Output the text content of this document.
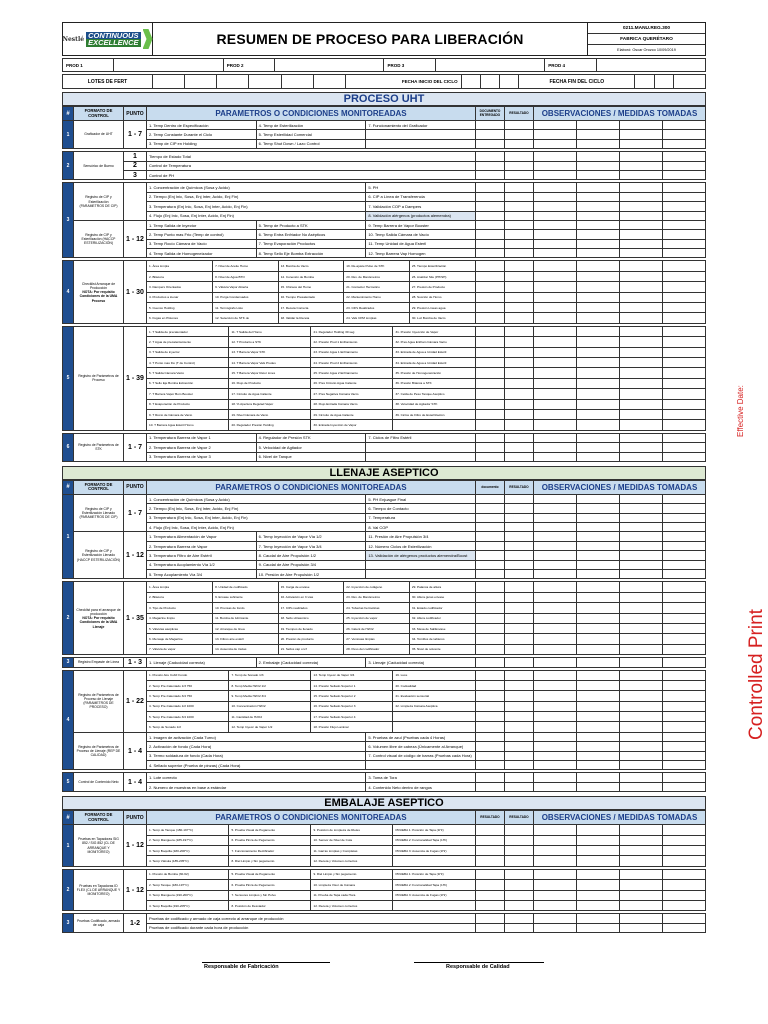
Nestlé CONTINUOUS
EXCELLENCE	RESUMEN DE PROCESO PARA LIBERACIÓN
0211.MANU.REG.300
FABRICA QUERÉTARO
Elaboró: Oscar Orozco 10/09/2019
PROD 1		PROD 2		PROD 3		PROD 4	
LOTES DE FERT							FECHA INICIO DEL CICLO				FECHA FIN DEL CICLO			
PROCESO UHT
#	FORMATO DE CONTROL	PUNTO	PARAMETROS O CONDICIONES MONITOREADAS	DOCUMENTO ENTREGADO	RESULTADO	OBSERVACIONES / MEDIDAS TOMADAS
1	Graficador de UHT	1 - 7	1. Temp Dentro de Especificación	4. Temp de Esterilización	7. Funcionamiento del Graficador						
2. Temp Constante Durante el Ciclo	5. Temp Esterilidad Comercial							
3. Temp de CIP en Holding	6. Temp Shut Down / Lazo Control							

2	Sensórico de Bueno	1	Tiempo de Estado Total						
2	Control de Temperatura						
3	Control de PH						

3	Registro de CIP y Esterilización (PARAMETROS DE CIP)		1. Concentración de Químicos (Sosa y Acido)	5. PH						
2. Tiempo (Enj Inic, Sosa, Enj Inter, Acido, Enj Fin)	6. CIP a Línea de Transferencia						
3. Temperatura (Enj Inic, Sosa, Enj Inter, Acido, Enj Fin)	7. Validación COP a Dampers						
4. Flujo (Enj Inic, Sosa, Enj Inter, Acido, Enj Fin)	8. Validación alérgenos (productos alemendra)						
Registro de CIP y Esterilización (HACCP ESTERILIZACIÓN)	1 - 12	1. Temp Salida de Inyector	5. Temp de Producto a STK	9. Temp Barrera de Vapor Booster						
2. Temp Punto mas Frio (Temp de control)	6. Temp Entra Enfriador No Asépticos	10. Temp Salida Cámara de Vacío						
3. Temp Rocío Cámara de Vacío	7. Temp Evaporación Productos	11. Temp Unidad de Agua Esteril						
4. Temp Salida de Homogeneizador	8. Temp Sello Eje Bomba Extracción	12. Temp Barrera Vap Homogen						

4	Checklist Arranque de Producción
NOTA: Por requisito Condiciones de la UMA Proceso	1 - 30	
1. Área Limpia	7. Nivel de Aceite Homo	13. Bomba de Vacío	19. Re-ajuste Pulso de STK	25. Tiempo Esterilización

2. Bitácora	8. Nivel de Agua BTO	14. Conexión de Bomba	20. Rev. de Manómetros	26. Analizar Sile (PH/SH)

3. Dampers Orientados	9. Válvula Vapor Abierta	15. Chicaos del Homo	21. Contactor Hermético	27. Presión de Producto

4. Productos a Llenar	10. Purga Condensados	16. Tiempo Presalentado	22. Mantenimiento Homo	28. Succión de Homo

5. Cuenco Holding	11. Termógrafo Listo	17. Receta Correcta	23. CIPs Realizados	29. Presión Líneas agua

6. Fugas en Pistones	12. Selección de STK ok	18. Validar la Receta	24. Vals CPM Limpias	30. Luz Bomba de Vacío

5	Registro de Parámetros de Proceso	1 - 39	
1. T Salida de precalentador	11. T Salida del Homo	21. Regulador Holding 30 seg	31. Presión Inyección de Vapor

2. T Agua de precalentamiento	12. T Producto a STK	22. Presión Prod 1 Enfriamiento	32. Pres Agua Enfriam Cámara Vacío

3. T Salida de inyector	13. T Barrera Vapor STK	23. Presión Agua 1 Enfriamiento	33. Entrada de Agua a Unidad Estéril

4. T Punto mas frio (T de Control)	14. T Barrera Vapor Vals Prodes	24. Presión Prod 2 Enfriamiento	34. Entrada de Agua a Unidad Estéril

5. T Salida Cámara Vacío	15. T Barrera Vapor Retor Lines	25. Presión Agua 2 Enfriamiento	35. Presión de Homogeneización

6. T Sello Eje Bomba Extracción	16. Flujo de Producto	26. Pres Circuito Agua Caliente	36. Presión Bitanca a STK

7. T Barrera Vapor Bom Booster	17. Circuito de Agua Caliente	27. Pres Negativa Cámara Vacío	37. Celda de Peso Tanque Aséptico

8. T Evaporación de Producto	18. % Apertura Regulad Vapor	28. Flujo Entrada Cámara Vacío	38. Velocidad de Agitador STK

9. T Rocío de Cámara de Vacío	19. Nivel Cámara de Vacío	29. Circuito de Agua Caliente	39. Ciclos de Filtro de Esterilización

10. T Barrera Agua Estéril Homo	20. Regulador Presión Holding	30. Entrada Inyección de Vapor	

6	Registro de Parámetros de STK	1 - 7	1. Temperatura Barrera de Vapor 1	4. Regulador de Presión STK	7. Ciclos de Filtro Estéril						
2. Temperatura Barrera de Vapor 2	5. Velocidad de Agitador							
3. Temperatura Barrera de Vapor 3	6. Nivel de Tanque							
LLENAJE ASEPTICO
#	FORMATO DE CONTROL	PUNTO	PARAMETROS O CONDICIONES MONITOREADAS	documento	RESULTADO	OBSERVACIONES / MEDIDAS TOMADAS
1	Registro de CIP y Esterilización Llenado (PARAMETROS DE CIP)	1 - 7	1. Concentración de Químicos (Sosa y Acido)	5. PH Enjuague Final						
2. Tiempo (Enj Inic, Sosa, Enj Inter, Acido, Enj Fin)	6. Tiempo de Contacto						
3. Temperatura (Enj Inic, Sosa, Enj Inter, Acido, Enj Fin)	7. Temperatura						
4. Flujo (Enj Inic, Sosa, Enj Inter, Acido, Enj Fin)	8. Val COP						
Registro de CIP y Esterilización Llenado (HACCP ESTERILIZACIÓN)	1 - 12	1. Temperatura Alimentación de Vapor	6. Temp Inyección de Vapor Vía 1/2	11. Presión de Aire Propulsión 3/4						
2. Temperatura Barrera de Vapor	7. Temp Inyección de Vapor Vía 3/4	12. Número Ciclos de Esterilización						
3. Temperatura Filtro de Aire Estéril	8. Caudal de Aire Propulsión 1/2	13. Validación de alérgenos productos alemendra/Boost						
4. Temperatura Acoplamiento Vía 1/2	9. Caudal de Aire Propulsión 3/4							
5. Temp Acoplamiento Vía 3/4	10. Presión de Aire Propulsión 1/2							

2	Checklist para el arranque de producción
NOTA: Por requisito Condiciones de la UMA Llenaje	1 - 35	
1. Área Limpia	8. Unidad de codificado	15. Carga de envase	22. Inyección de colágeno	29. Palanca de altura

2. Bitácora	9. Envase suficiente	16. Activación en 3 vías	23. Rev. de Manómetros	30. Altura guías envase

3. Tipo de Producto	10. Prensas de fondo	17. CIPs realizados	24. Tuberías herméticas	31. Estado codificador

4. Magazine limpio	11. Bomba de lubricante	18. Sello ultrasónico	25. Inyección de vapor	32. Altura codificador

5. Válvulas asépticas	12. Arranque de línea	19. Tiempos de llenado	26. Calent de H2O2	33. Mesa de Sal/Envase

6. Mensaje de Magazine	13. Filtros aire estéril	20. Presión de producto	27. Ventosas limpias	34. Tornillos de tableros

7. Válvula de vapor	14. Ausencia de trazas	21. Sellos cap o tcf	28. Peso del codificador	35. Nivel de solvente

3	Registro Empaste de Línea	1 - 3	1. Llenaje (Caducidad correcta)	2. Embalaje (Caducidad correcta)	3. Llenaje (Caducidad correcta)						

4	Registro de Parámetros de Proceso de Llenaje (PARAMETROS DE PROCESO)	1 - 22	
1. Presión Aire CubF Fondo	7. Temp de Sonado 1/3	13. Temp Inyecc de Vapor 3/4	19. Luce

2. Temp Pre-Calentado 1/3 750	8. Temp Media H2O2 1/2	14. Presión Sellado Superior 1	20. Codualidad

3. Temp Pre-Calentado 3/4 750	9. Temp Media H2O2 3/4	15. Presión Sellado Superior 2	21. Evaluación sensorial

4. Temp Pre-Calentado 1/2 1000	10. Concentración H2O2	16. Presión Sellado Superior 3	22. Limpieza Cámara Aséptica

5. Temp Pre-Calentado 3/4 1000	11. Cantidad de H2O2	17. Presión Sellado Superior 4	

6. Temp de Sonado 1/2	12. Temp Inyecc de Vapor 1/2	18. Presión Flujo Laminar	

Registro de Parámetros de Proceso de Llenaje (REP DE CALIDAD)	1 - 4	1. Imagen de activación (Cada Turno)	5. Pruebas de azul (Pruebas cada 4 Horas)						
2. Activación de fondo (Cada Hora)	6. Volumen libre de cabeza (Únicamente al Arranque)						
3. Termo soldadura de fondo (Cada Hora)	7. Control visual de código de barras (Pruebas cada Hora)						
4. Sellado superior (Prueba de pinzas) (Cada Hora)							

5	Control de Contenido Neto	1 - 4	1. Lote correcto	3. Toma de Tora						
2. Numero de muestras en base a estándar	4. Contenido Neto dentro de rangos						
EMBALAJE ASEPTICO
#	FORMATO DE CONTROL	PUNTO	PARAMETROS O CONDICIONES MONITOREADAS	RESULTADO	RESULTADO	OBSERVACIONES / MEDIDAS TOMADAS
1	Pruebas en Tapadoras SIG 852 / SIG 852 (CL DE ARRANQUE Y MONITOREO)	1 - 12	
1. Temp de Tanque (180-197°C)	5. Prueba Visual de Pegamento	9. Posición de Limpieza de Rieles	PRUEBA 1: Posición de Tapa (1Hr)

2. Temp Manguera (185-197°C)	6. Prueba Pinza de Pegamento	10. Sensor de Nivel de Cola	PRUEBA 2: Funcionalidad Tapa (1Hr)

3. Temp Boquilla (180-200°C)	7. Funcionamiento Rectificador	11. Garras Limpias y Completas	PRUEBA 3: Ausencia de Fugas (1Hr)

4. Temp Válvula (185-205°C)	8. Riel Limpio y Sin pegamento	12. Receta y Volumen correctos	

2	Pruebas en Tapadoras ID FLEX (CL DE ARRANQUE Y MONITOREO)	1 - 12	
1. Presión de Bomba (30-62)	5. Prueba Visual de Pegamento	9. Riel Limpio y Sin pegamento	PRUEBA 1: Posición de Tapa (1Hr)

2. Temp Tanque (180-197°C)	6. Prueba Pinza de Pegamento	10. Limpieza Visor de Cámara	PRUEBA 2: Funcionalidad Tapa (1Hr)

3. Temp Manguera (190-200°C)	7. Sensores Limpios y Sin Polvo	11. Prueba de Tapa cada Hora	PRUEBA 3: Ausencia de Fugas (1Hr)

4. Temp Boquilla (190-205°C)	8. Posición de Desviador	12. Receta y Volumen correctos	

3	Pruebas Codificado, armado de caja	1-2	Pruebas de codificado y armado de caja correcto al arranque de producción						
Pruebas de codificado durante cada hora de producción						
Responsable de Fabricación	Responsable de Calidad
Effective Date:
Controlled Print
